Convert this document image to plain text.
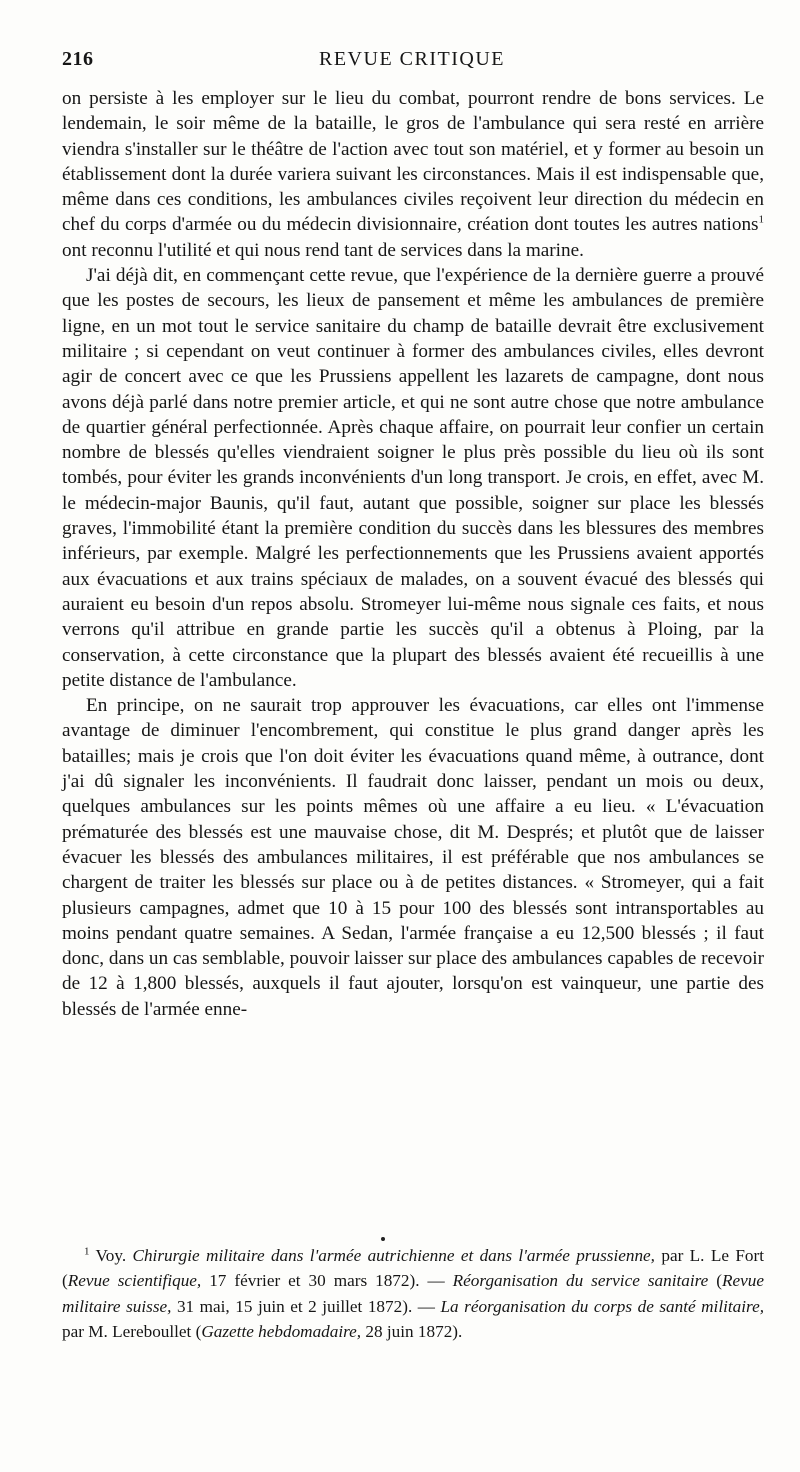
216	REVUE CRITIQUE

on persiste à les employer sur le lieu du combat, pourront rendre de bons services. Le lendemain, le soir même de la bataille, le gros de l'ambulance qui sera resté en arrière viendra s'installer sur le théâtre de l'action avec tout son matériel, et y former au besoin un établissement dont la durée variera suivant les circonstances. Mais il est indispensable que, même dans ces conditions, les ambulances civiles reçoivent leur direction du médecin en chef du corps d'armée ou du médecin divisionnaire, création dont toutes les autres nations$^1$ ont reconnu l'utilité et qui nous rend tant de services dans la marine.

J'ai déjà dit, en commençant cette revue, que l'expérience de la dernière guerre a prouvé que les postes de secours, les lieux de pansement et même les ambulances de première ligne, en un mot tout le service sanitaire du champ de bataille devrait être exclusivement militaire ; si cependant on veut continuer à former des ambulances civiles, elles devront agir de concert avec ce que les Prussiens appellent les lazarets de campagne, dont nous avons déjà parlé dans notre premier article, et qui ne sont autre chose que notre ambulance de quartier général perfectionnée. Après chaque affaire, on pourrait leur confier un certain nombre de blessés qu'elles viendraient soigner le plus près possible du lieu où ils sont tombés, pour éviter les grands inconvénients d'un long transport. Je crois, en effet, avec M. le médecin-major Baunis, qu'il faut, autant que possible, soigner sur place les blessés graves, l'immobilité étant la première condition du succès dans les blessures des membres inférieurs, par exemple. Malgré les perfectionnements que les Prussiens avaient apportés aux évacuations et aux trains spéciaux de malades, on a souvent évacué des blessés qui auraient eu besoin d'un repos absolu. Stromeyer lui-même nous signale ces faits, et nous verrons qu'il attribue en grande partie les succès qu'il a obtenus à Ploing, par la conservation, à cette circonstance que la plupart des blessés avaient été recueillis à une petite distance de l'ambulance.

En principe, on ne saurait trop approuver les évacuations, car elles ont l'immense avantage de diminuer l'encombrement, qui constitue le plus grand danger après les batailles; mais je crois que l'on doit éviter les évacuations quand même, à outrance, dont j'ai dû signaler les inconvénients. Il faudrait donc laisser, pendant un mois ou deux, quelques ambulances sur les points mêmes où une affaire a eu lieu. « L'évacuation prématurée des blessés est une mauvaise chose, dit M. Després; et plutôt que de laisser évacuer les blessés des ambulances militaires, il est préférable que nos ambulances se chargent de traiter les blessés sur place ou à de petites distances. « Stromeyer, qui a fait plusieurs campagnes, admet que 10 à 15 pour 100 des blessés sont intransportables au moins pendant quatre semaines. A Sedan, l'armée française a eu 12,500 blessés ; il faut donc, dans un cas semblable, pouvoir laisser sur place des ambulances capables de recevoir de 12 à 1,800 blessés, auxquels il faut ajouter, lorsqu'on est vainqueur, une partie des blessés de l'armée enne-

$^1$ Voy. Chirurgie militaire dans l'armée autrichienne et dans l'armée prussienne, par L. Le Fort (Revue scientifique, 17 février et 30 mars 1872). — Réorganisation du service sanitaire (Revue militaire suisse, 31 mai, 15 juin et 2 juillet 1872). — La réorganisation du corps de santé militaire, par M. Lereboullet (Gazette hebdomadaire, 28 juin 1872).
